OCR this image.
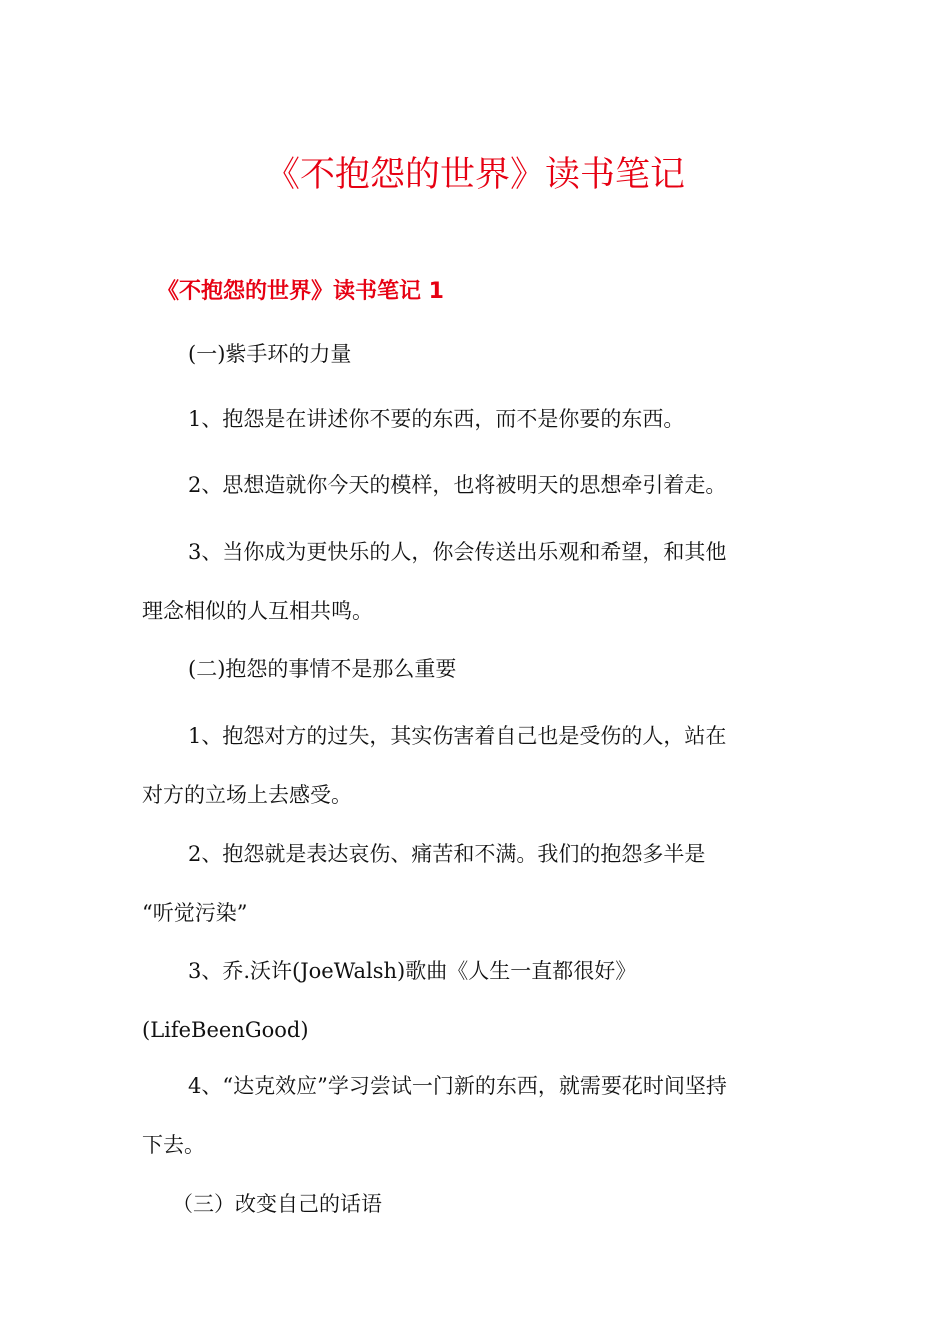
《不抱怨的世界》读书笔记
《不抱怨的世界》读书笔记 1
(一)紫手环的力量
1、抱怨是在讲述你不要的东西，而不是你要的东西。
2、思想造就你今天的模样，也将被明天的思想牵引着走。
3、当你成为更快乐的人，你会传送出乐观和希望，和其他
理念相似的人互相共鸣。
(二)抱怨的事情不是那么重要
1、抱怨对方的过失，其实伤害着自己也是受伤的人，站在
对方的立场上去感受。
2、抱怨就是表达哀伤、痛苦和不满。我们的抱怨多半是
“听觉污染”
3、乔.沃许(JoeWalsh)歌曲《人生一直都很好》
(LifeBeenGood)
4、“达克效应”学习尝试一门新的东西，就需要花时间坚持
下去。
（三）改变自己的话语
